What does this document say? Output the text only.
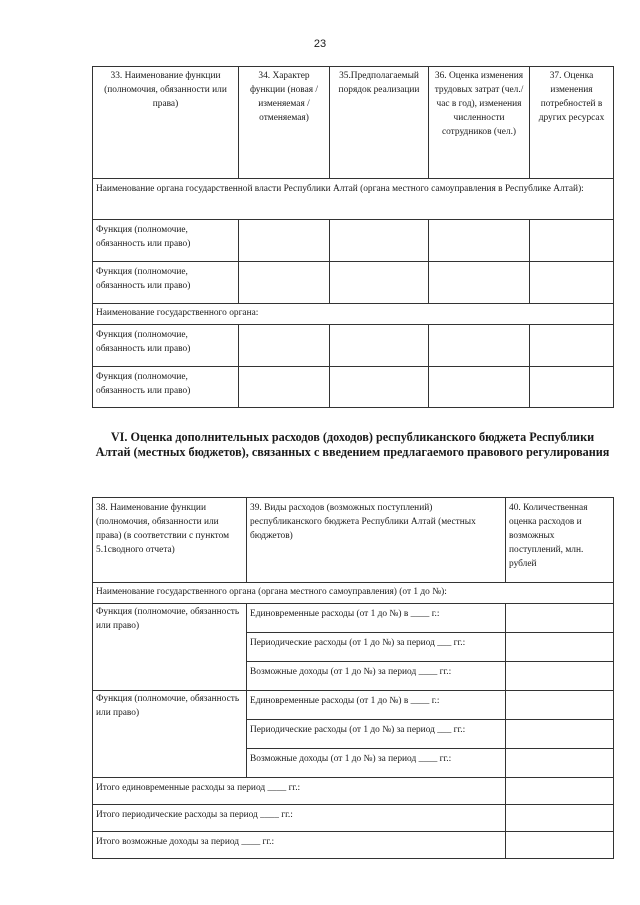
23
33. Наименование функции (полномочия, обязанности или права)	34. Характер функции (новая / изменяемая / отменяемая)	35.Предполагаемый порядок реализации	36. Оценка изменения трудовых затрат (чел./час в год), изменения численности сотрудников (чел.)	37. Оценка изменения потребностей в других ресурсах
Наименование органа государственной власти Республики Алтай (органа местного самоуправления в Республике Алтай):				
Функция (полномочие, обязанность или право)				
Функция (полномочие, обязанность или право)				
Наименование государственного органа:				
Функция (полномочие, обязанность или право)				
Функция (полномочие, обязанность или право)				
VI. Оценка дополнительных расходов (доходов) республиканского бюджета Республики Алтай (местных бюджетов), связанных с введением предлагаемого правового регулирования
38. Наименование функции (полномочия, обязанности или права) (в соответствии с пунктом 5.1сводного отчета)	39. Виды расходов (возможных поступлений) республиканского бюджета Республики Алтай (местных бюджетов)	40. Количественная оценка расходов и возможных поступлений, млн. рублей
Наименование государственного органа (органа местного самоуправления) (от 1 до №):		
Функция (полномочие, обязанность или право)	Единовременные расходы (от 1 до №) в ____ г.:	
	Периодические расходы (от 1 до №) за период ___ гг.:	
	Возможные доходы (от 1 до №) за период ____ гг.:	
Функция (полномочие, обязанность или право)	Единовременные расходы (от 1 до №) в ____ г.:	
	Периодические расходы (от 1 до №) за период ___ гг.:	
	Возможные доходы (от 1 до №) за период ____ гг.:	
Итого единовременные расходы за период ____ гг.:		
Итого периодические расходы за период ____ гг.:		
Итого возможные доходы за период ____ гг.:		
